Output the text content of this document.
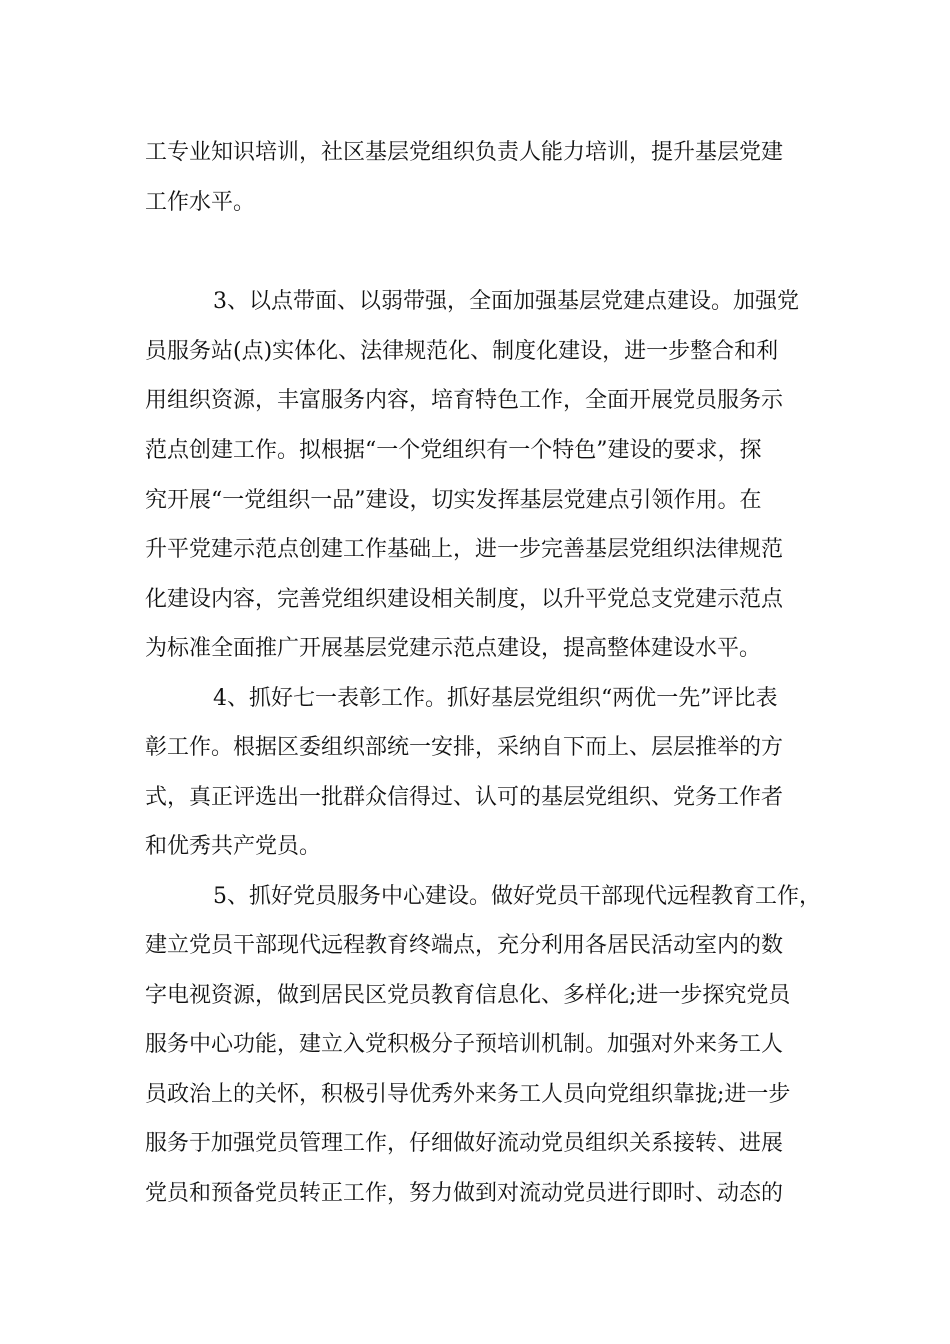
工专业知识培训，社区基层党组织负责人能力培训，提升基层党建
工作水平。
3、以点带面、以弱带强，全面加强基层党建点建设。加强党
员服务站(点)实体化、法律规范化、制度化建设，进一步整合和利
用组织资源，丰富服务内容，培育特色工作，全面开展党员服务示
范点创建工作。拟根据“一个党组织有一个特色”建设的要求，探
究开展“一党组织一品”建设，切实发挥基层党建点引领作用。在
升平党建示范点创建工作基础上，进一步完善基层党组织法律规范
化建设内容，完善党组织建设相关制度，以升平党总支党建示范点
为标准全面推广开展基层党建示范点建设，提高整体建设水平。
4、抓好七一表彰工作。抓好基层党组织“两优一先”评比表
彰工作。根据区委组织部统一安排，采纳自下而上、层层推举的方
式，真正评选出一批群众信得过、认可的基层党组织、党务工作者
和优秀共产党员。
5、抓好党员服务中心建设。做好党员干部现代远程教育工作，
建立党员干部现代远程教育终端点，充分利用各居民活动室内的数
字电视资源，做到居民区党员教育信息化、多样化;进一步探究党员
服务中心功能，建立入党积极分子预培训机制。加强对外来务工人
员政治上的关怀，积极引导优秀外来务工人员向党组织靠拢;进一步
服务于加强党员管理工作，仔细做好流动党员组织关系接转、进展
党员和预备党员转正工作，努力做到对流动党员进行即时、动态的
